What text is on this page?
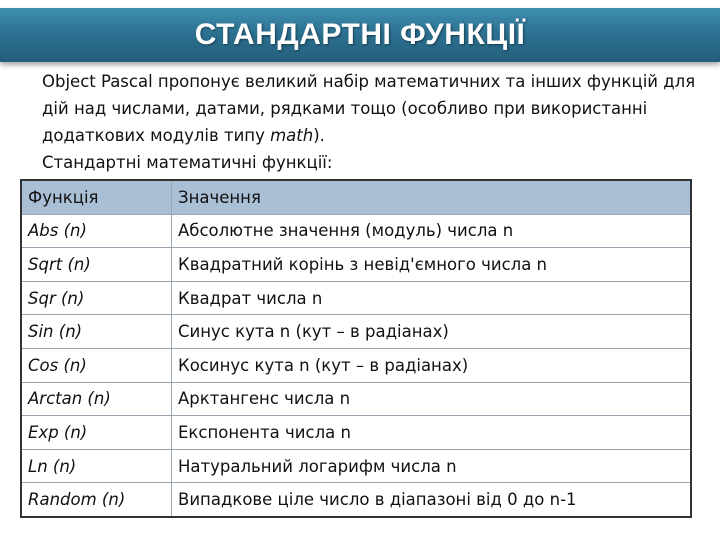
СТАНДАРТНІ ФУНКЦІЇ

Object Pascal пропонує великий набір математичних та інших функцій для дій над числами, датами, рядками тощо (особливо при використанні додаткових модулів типу math).

Стандартні математичні функції:

Функція	Значення
Abs (n)	Абсолютне значення (модуль) числа n
Sqrt (n)	Квадратний корінь з невід'ємного числа n
Sqr (n)	Квадрат числа n
Sin (n)	Синус кута n (кут – в радіанах)
Cos (n)	Косинус кута n (кут – в радіанах)
Arctan (n)	Арктангенс числа n
Exp (n)	Експонента числа n
Ln (n)	Натуральний логарифм числа n
Random (n)	Випадкове ціле число в діапазоні від 0 до n-1
